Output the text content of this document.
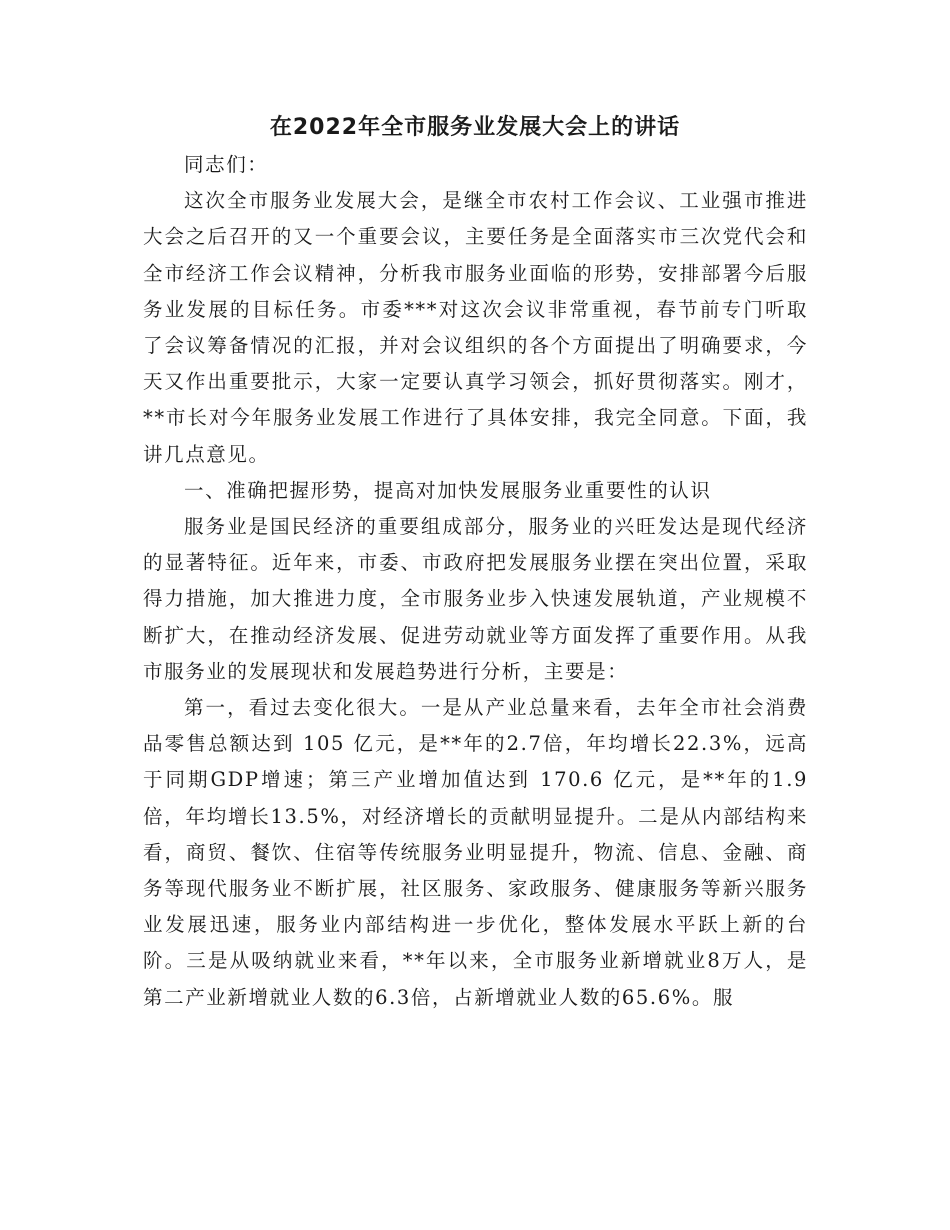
在2022年全市服务业发展大会上的讲话

同志们：

这次全市服务业发展大会，是继全市农村工作会议、工业强市推进大会之后召开的又一个重要会议，主要任务是全面落实市三次党代会和全市经济工作会议精神，分析我市服务业面临的形势，安排部署今后服务业发展的目标任务。市委***对这次会议非常重视，春节前专门听取了会议筹备情况的汇报，并对会议组织的各个方面提出了明确要求，今天又作出重要批示，大家一定要认真学习领会，抓好贯彻落实。刚才，**市长对今年服务业发展工作进行了具体安排，我完全同意。下面，我讲几点意见。

一、准确把握形势，提高对加快发展服务业重要性的认识

服务业是国民经济的重要组成部分，服务业的兴旺发达是现代经济的显著特征。近年来，市委、市政府把发展服务业摆在突出位置，采取得力措施，加大推进力度，全市服务业步入快速发展轨道，产业规模不断扩大，在推动经济发展、促进劳动就业等方面发挥了重要作用。从我市服务业的发展现状和发展趋势进行分析，主要是：

第一，看过去变化很大。一是从产业总量来看，去年全市社会消费品零售总额达到 105 亿元，是**年的2.7倍，年均增长22.3%，远高于同期GDP增速；第三产业增加值达到 170.6 亿元，是**年的1.9倍，年均增长13.5%，对经济增长的贡献明显提升。二是从内部结构来看，商贸、餐饮、住宿等传统服务业明显提升，物流、信息、金融、商务等现代服务业不断扩展，社区服务、家政服务、健康服务等新兴服务业发展迅速，服务业内部结构进一步优化，整体发展水平跃上新的台阶。三是从吸纳就业来看，**年以来，全市服务业新增就业8万人，是第二产业新增就业人数的6.3倍，占新增就业人数的65.6%。服
